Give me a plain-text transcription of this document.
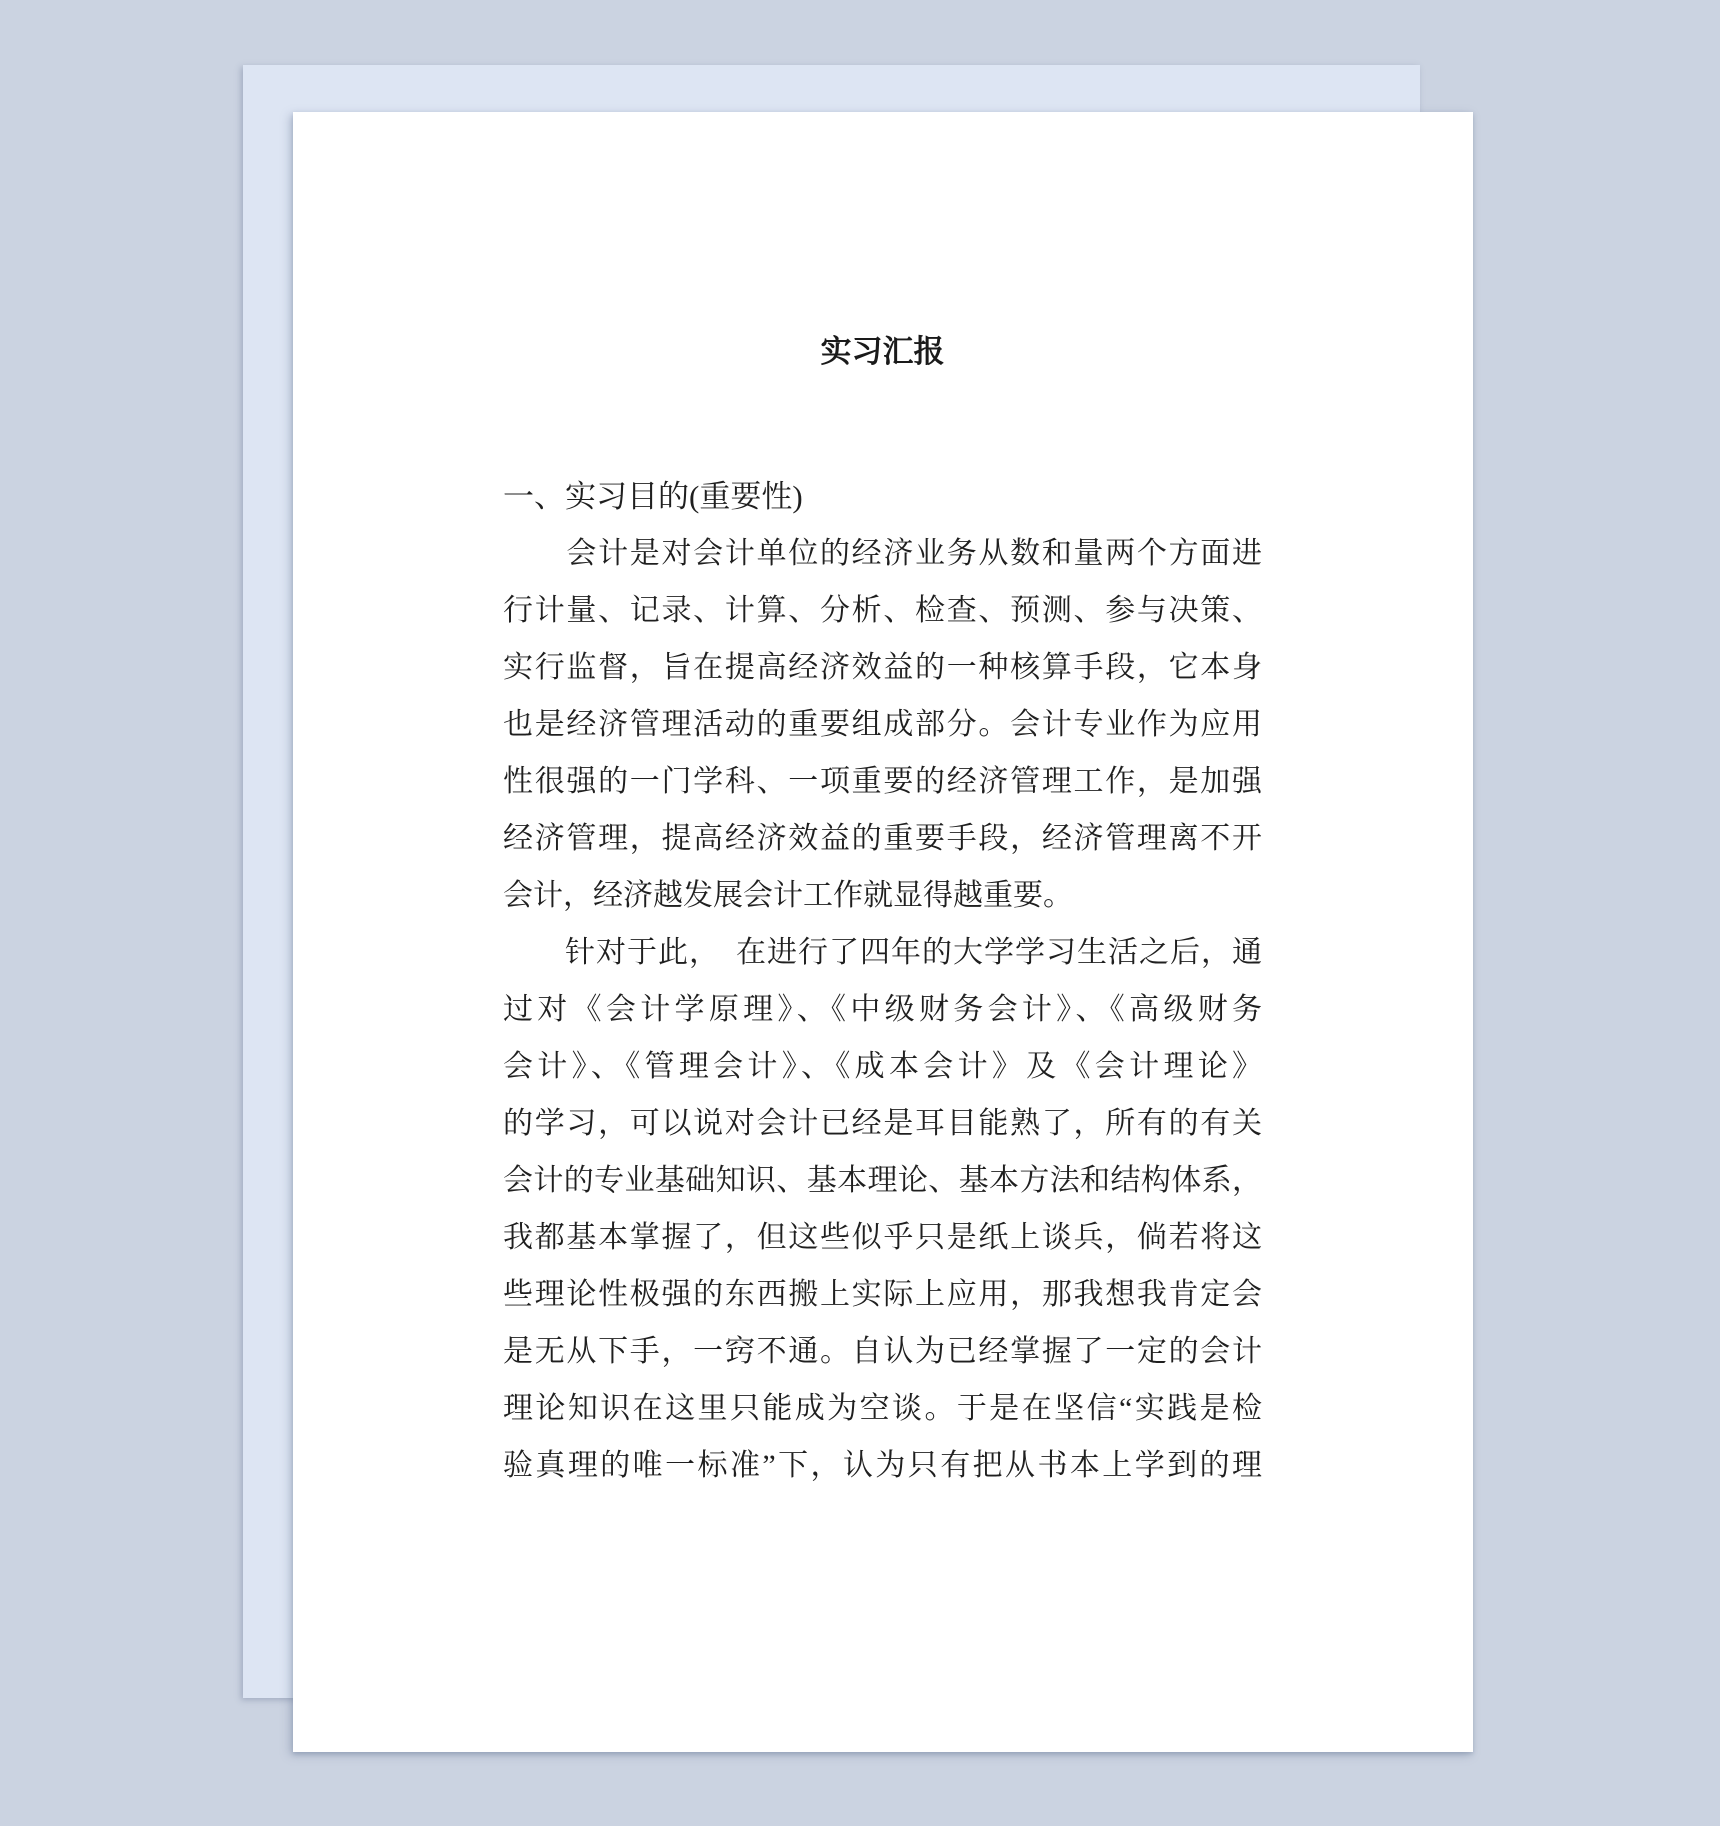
实习汇报
一、实习目的(重要性)
　　会计是对会计单位的经济业务从数和量两个方面进
行计量、记录、计算、分析、检查、预测、参与决策、
实行监督，旨在提高经济效益的一种核算手段，它本身
也是经济管理活动的重要组成部分。会计专业作为应用
性很强的一门学科、一项重要的经济管理工作，是加强
经济管理，提高经济效益的重要手段，经济管理离不开
会计，经济越发展会计工作就显得越重要。
　　针对于此，　在进行了四年的大学学习生活之后，通
过对《会计学原理》、《中级财务会计》、《高级财务
会计》、《管理会计》、《成本会计》及《会计理论》
的学习，可以说对会计已经是耳目能熟了，所有的有关
会计的专业基础知识、基本理论、基本方法和结构体系，
我都基本掌握了，但这些似乎只是纸上谈兵，倘若将这
些理论性极强的东西搬上实际上应用，那我想我肯定会
是无从下手，一窍不通。自认为已经掌握了一定的会计
理论知识在这里只能成为空谈。于是在坚信“实践是检
验真理的唯一标准”下，认为只有把从书本上学到的理
